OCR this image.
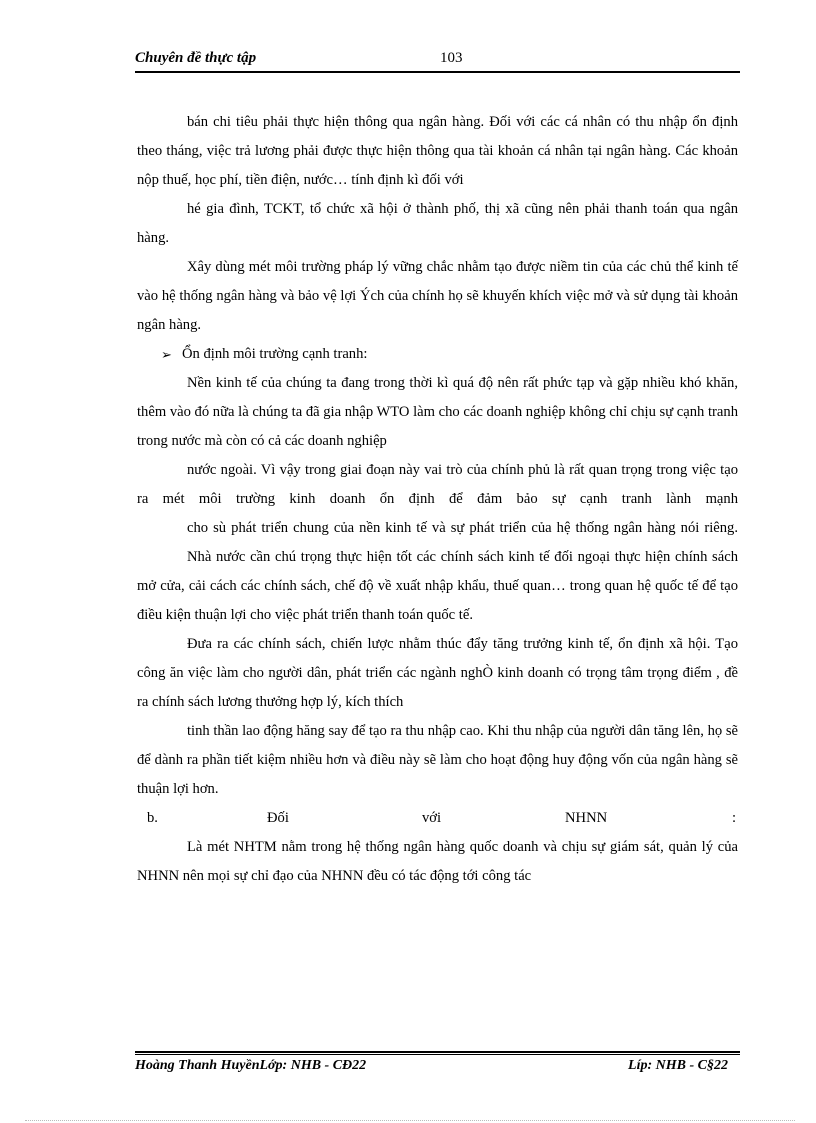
Chuyên đề thực tập	103

bán chi tiêu phải thực hiện thông qua ngân hàng. Đối với các cá nhân có thu nhập ổn định theo tháng, việc trả lương phải được thực hiện thông qua tài khoản cá nhân tại ngân hàng. Các khoản nộp thuế, học phí, tiền điện, nước… tính định kì đối với

hé gia đình, TCKT, tổ chức xã hội ở thành phố, thị xã cũng nên phải thanh toán qua ngân hàng.

Xây dùng mét môi trường pháp lý vững chắc nhằm tạo được niềm tin của các chủ thể kinh tế vào hệ thống ngân hàng và bảo vệ lợi Ých của chính họ sẽ khuyến khích việc mở và sử dụng tài khoản ngân hàng.

➢ Ổn định môi trường cạnh tranh:

Nền kinh tế của chúng ta đang trong thời kì quá độ nên rất phức tạp và gặp nhiều khó khăn, thêm vào đó nữa là chúng ta đã gia nhập WTO làm cho các doanh nghiệp không chỉ chịu sự cạnh tranh trong nước mà còn có cả các doanh nghiệp

nước ngoài. Vì vậy trong giai đoạn này vai trò của chính phủ là rất quan trọng trong việc tạo ra mét môi trường kinh doanh ổn định để đảm bảo sự cạnh tranh lành mạnh

cho sù phát triển chung của nền kinh tế và sự phát triển của hệ thống ngân hàng nói riêng.

Nhà nước cần chú trọng thực hiện tốt các chính sách kinh tế đối ngoại thực hiện chính sách mở cửa, cải cách các chính sách, chế độ về xuất nhập khẩu, thuế quan… trong quan hệ quốc tế để tạo điều kiện thuận lợi cho việc phát triển thanh toán quốc tế.

Đưa ra các chính sách, chiến lược nhằm thúc đẩy tăng trưởng kinh tế, ổn định xã hội. Tạo công ăn việc làm cho người dân, phát triển các ngành nghÒ kinh doanh có trọng tâm trọng điểm , đề ra chính sách lương thưởng hợp lý, kích thích

tinh thần lao động hăng say để tạo ra thu nhập cao. Khi thu nhập của người dân tăng lên, họ sẽ để dành ra phần tiết kiệm nhiều hơn và điều này sẽ làm cho hoạt động huy động vốn của ngân hàng sẽ thuận lợi hơn.

b.	Đối	với	NHNN	:

Là mét NHTM nằm trong hệ thống ngân hàng quốc doanh và chịu sự giám sát, quản lý của NHNN nên mọi sự chỉ đạo của NHNN đều có tác động tới công tác

Hoàng Thanh HuyềnLớp: NHB - CĐ22	Líp: NHB - C§22
